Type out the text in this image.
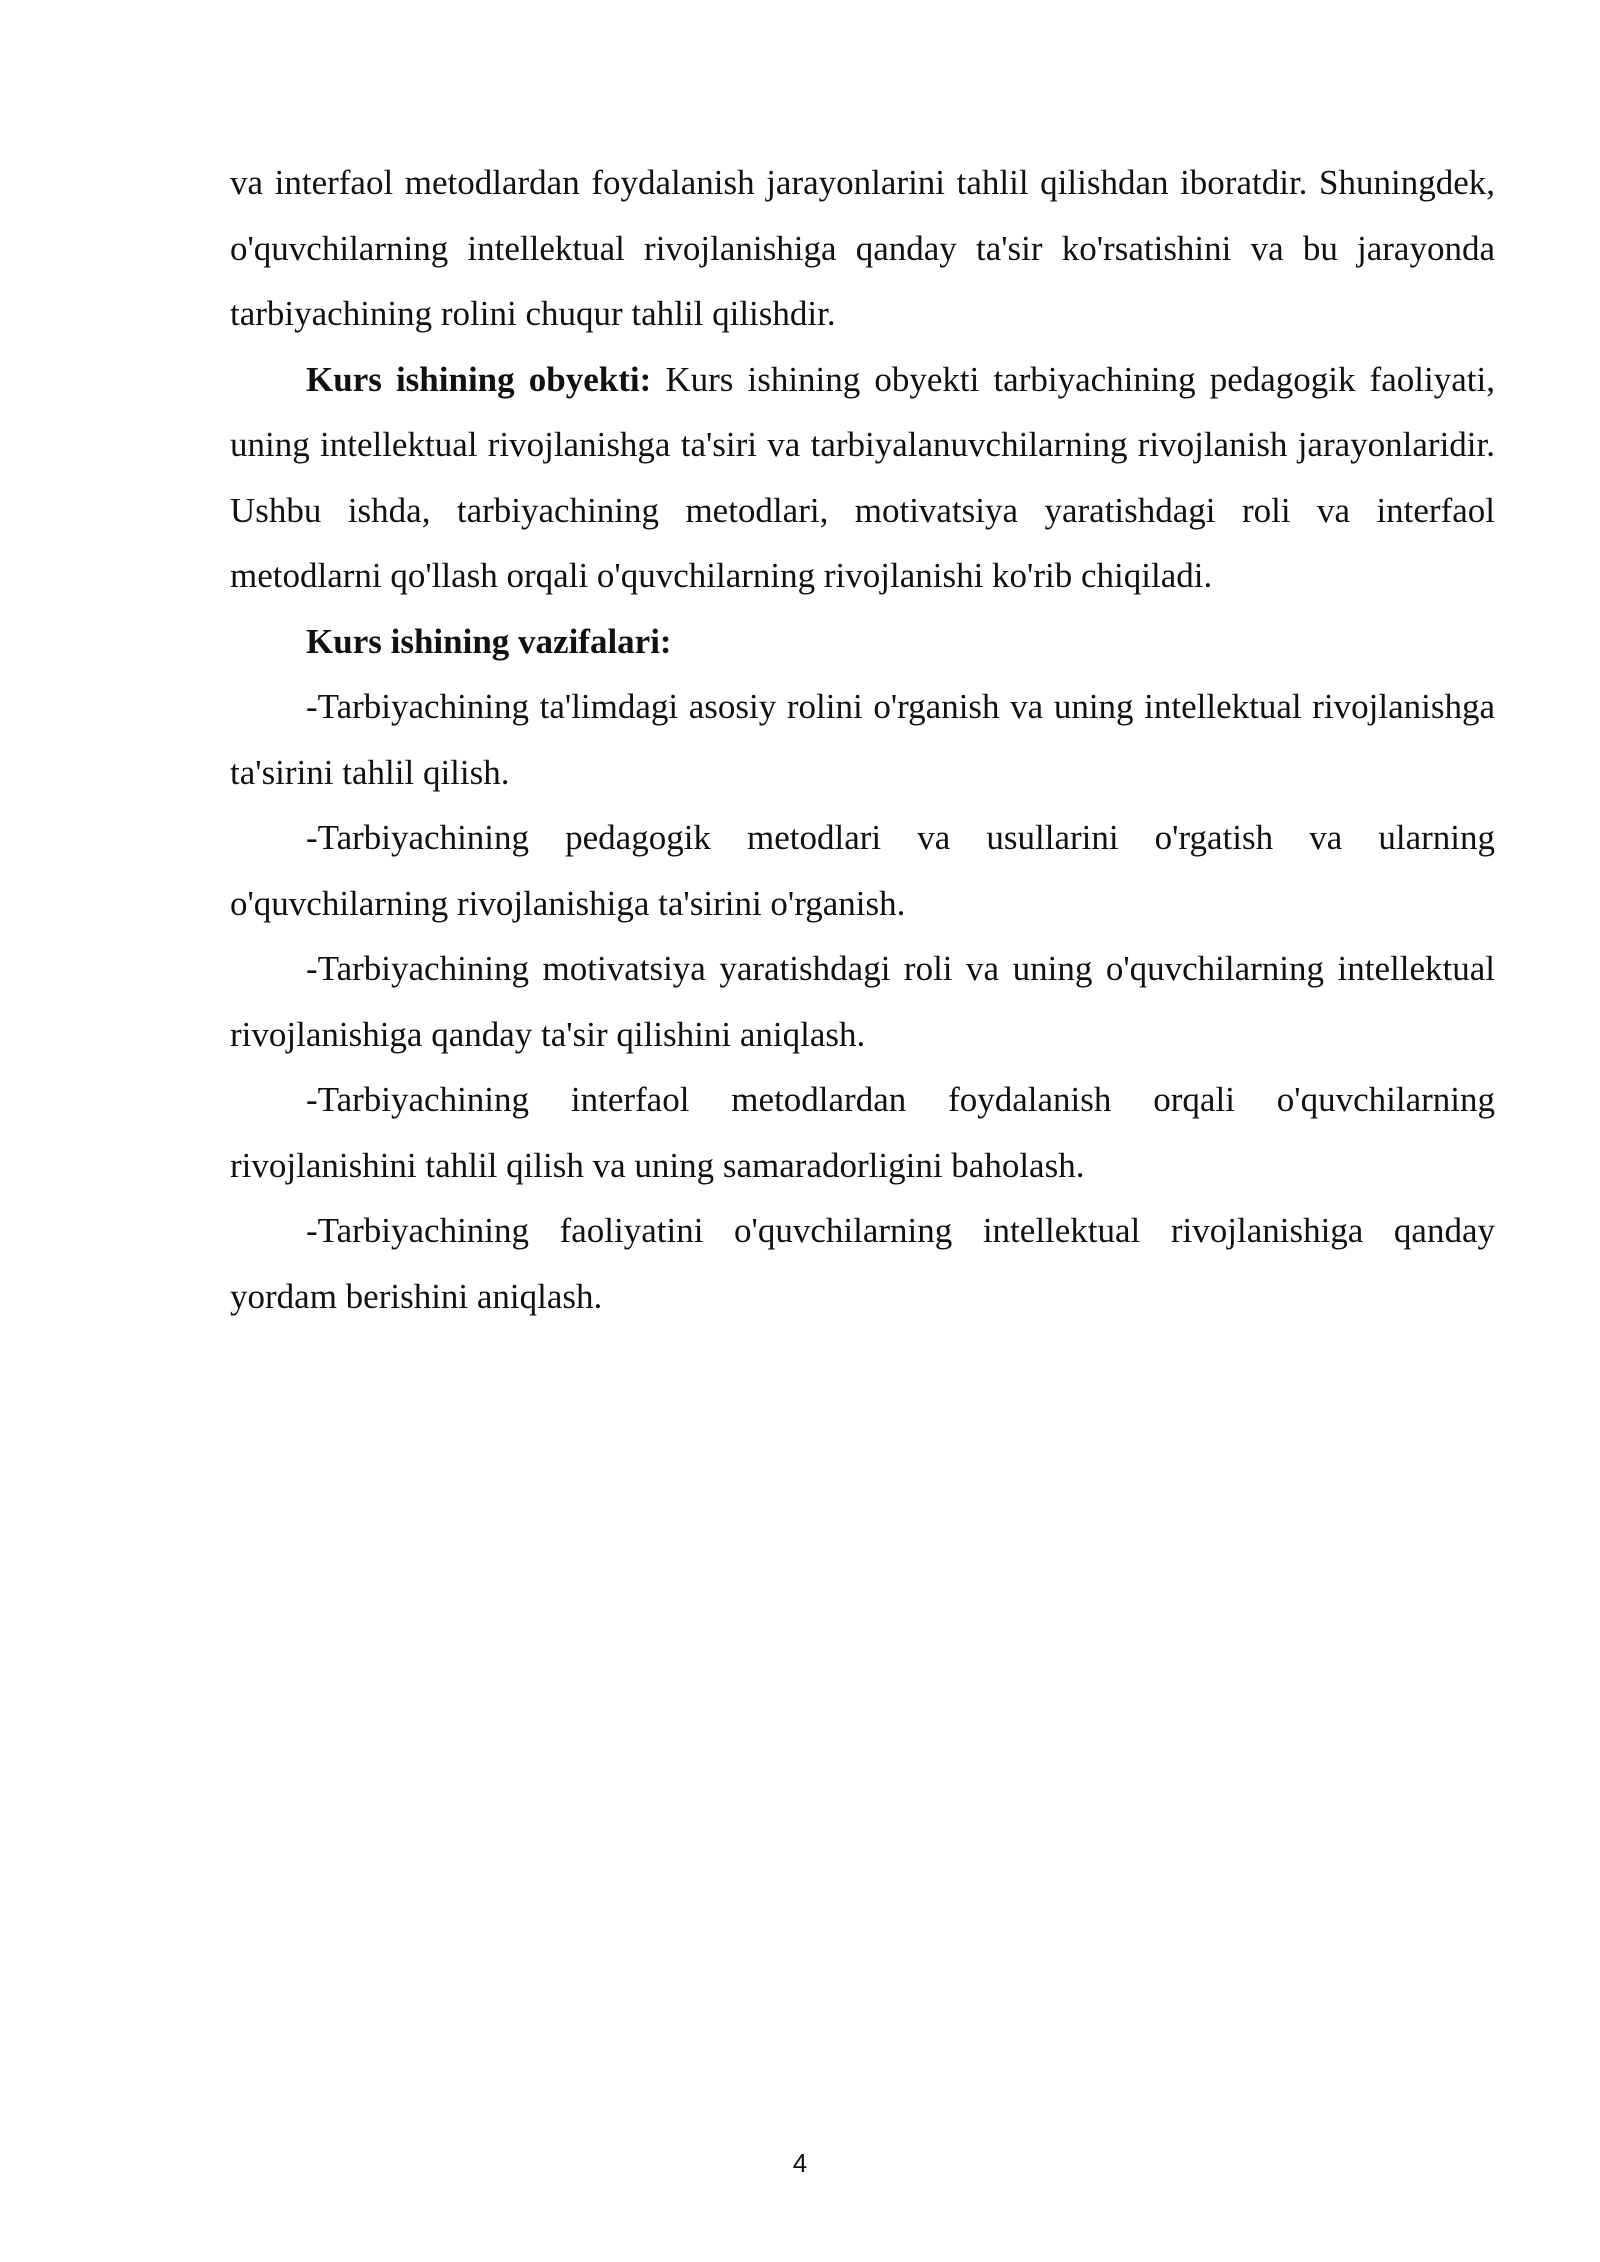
va interfaol metodlardan foydalanish jarayonlarini tahlil qilishdan iboratdir. Shuningdek, o'quvchilarning intellektual rivojlanishiga qanday ta'sir ko'rsatishini va bu jarayonda tarbiyachining rolini chuqur tahlil qilishdir.

Kurs ishining obyekti: Kurs ishining obyekti tarbiyachining pedagogik faoliyati, uning intellektual rivojlanishga ta'siri va tarbiyalanuvchilarning rivojlanish jarayonlaridir. Ushbu ishda, tarbiyachining metodlari, motivatsiya yaratishdagi roli va interfaol metodlarni qo'llash orqali o'quvchilarning rivojlanishi ko'rib chiqiladi.

Kurs ishining vazifalari:

-Tarbiyachining ta'limdagi asosiy rolini o'rganish va uning intellektual rivojlanishga ta'sirini tahlil qilish.

-Tarbiyachining pedagogik metodlari va usullarini o'rgatish va ularning o'quvchilarning rivojlanishiga ta'sirini o'rganish.

-Tarbiyachining motivatsiya yaratishdagi roli va uning o'quvchilarning intellektual rivojlanishiga qanday ta'sir qilishini aniqlash.

-Tarbiyachining interfaol metodlardan foydalanish orqali o'quvchilarning rivojlanishini tahlil qilish va uning samaradorligini baholash.

-Tarbiyachining faoliyatini o'quvchilarning intellektual rivojlanishiga qanday yordam berishini aniqlash.

4
